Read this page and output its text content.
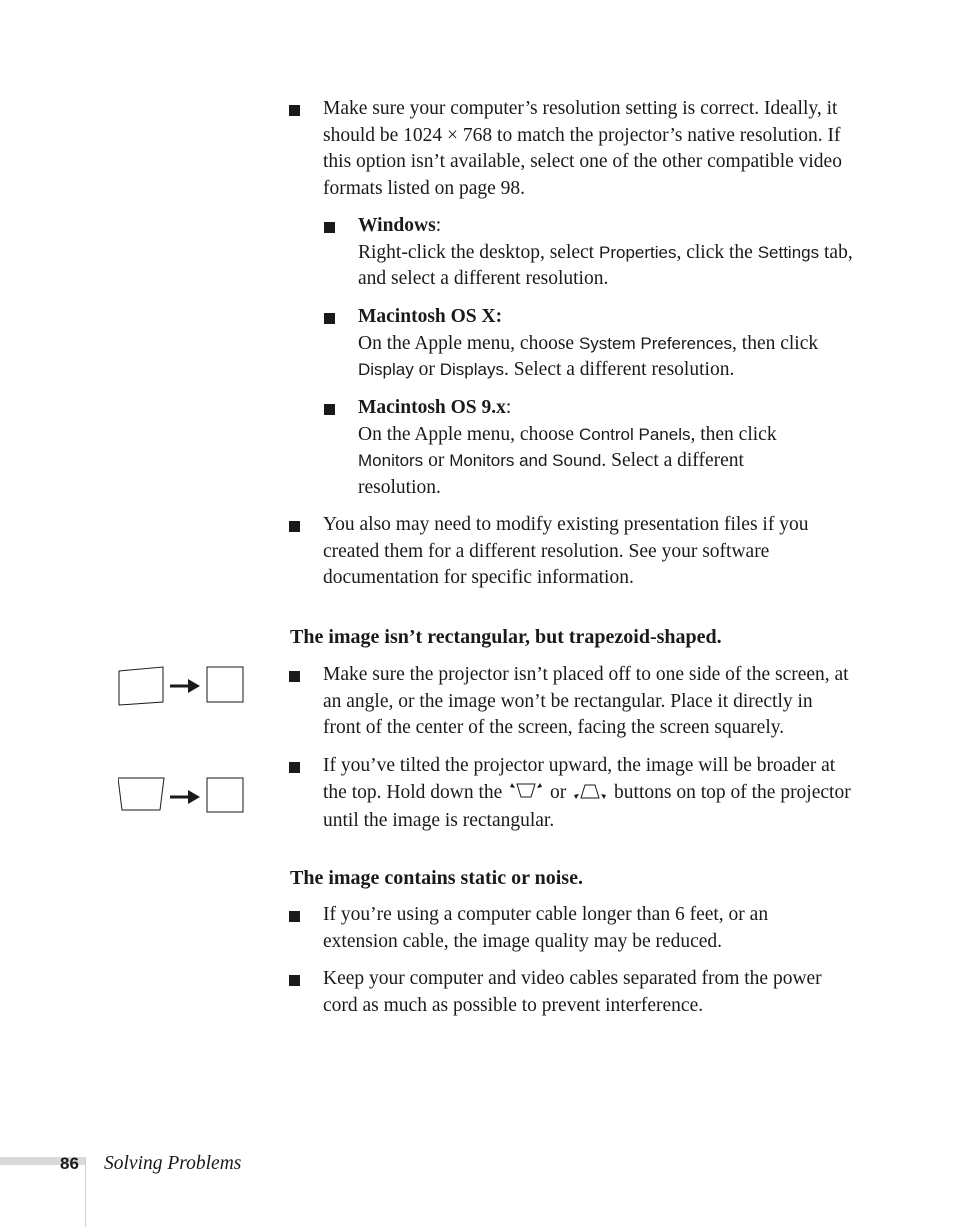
Make sure your computer’s resolution setting is correct. Ideally, it should be 1024 × 768 to match the projector’s native resolution. If this option isn’t available, select one of the other compatible video formats listed on page 98.

Windows:
Right-click the desktop, select Properties, click the Settings tab, and select a different resolution.

Macintosh OS X:
On the Apple menu, choose System Preferences, then click Display or Displays. Select a different resolution.

Macintosh OS 9.x:
On the Apple menu, choose Control Panels, then click Monitors or Monitors and Sound. Select a different resolution.

You also may need to modify existing presentation files if you created them for a different resolution. See your software documentation for specific information.

The image isn’t rectangular, but trapezoid-shaped.

Make sure the projector isn’t placed off to one side of the screen, at an angle, or the image won’t be rectangular. Place it directly in front of the center of the screen, facing the screen squarely.

If you’ve tilted the projector upward, the image will be broader at the top. Hold down the  or  buttons on top of the projector until the image is rectangular.

The image contains static or noise.

If you’re using a computer cable longer than 6 feet, or an extension cable, the image quality may be reduced.

Keep your computer and video cables separated from the power cord as much as possible to prevent interference.

86 Solving Problems
